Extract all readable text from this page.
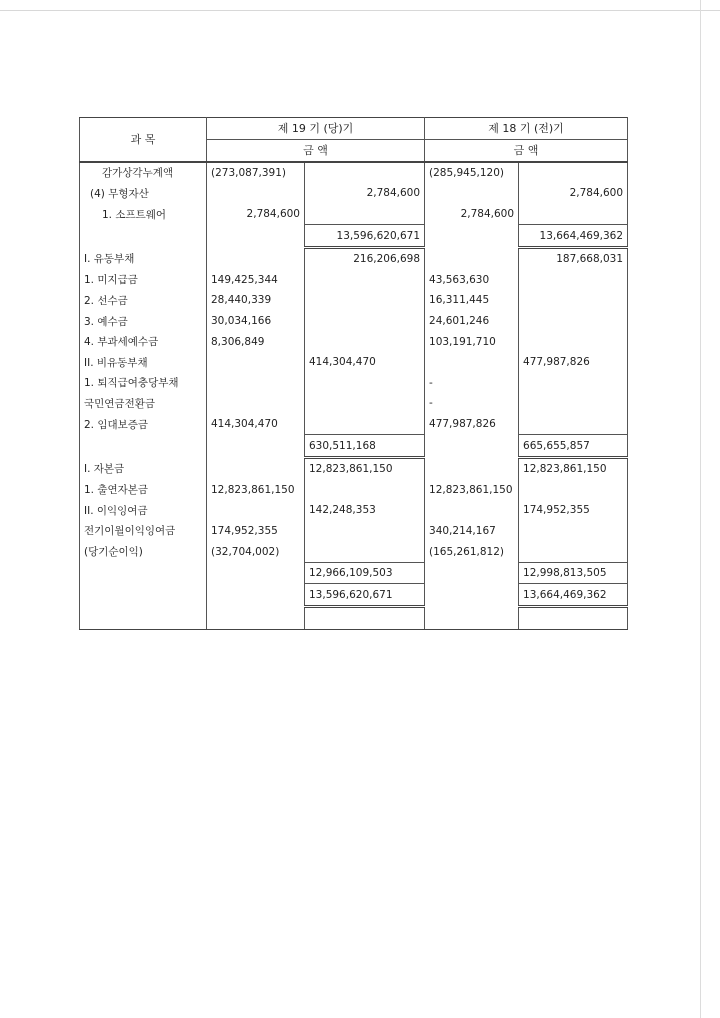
과 목	제 19 기 (당)기		제 18 기 (전)기	
	금 액		금 액	
감가상각누계액	(273,087,391)		(285,945,120)	
(4) 무형자산		2,784,600		2,784,600
1. 소프트웨어	2,784,600		2,784,600	
		13,596,620,671		13,664,469,362
I. 유동부채		216,206,698		187,668,031
1. 미지급금	149,425,344		43,563,630	
2. 선수금	28,440,339		16,311,445	
3. 예수금	30,034,166		24,601,246	
4. 부과세예수금	8,306,849		103,191,710	
II. 비유동부채		414,304,470		477,987,826
1. 퇴직급여충당부채			-	
국민연금전환금			-	
2. 임대보증금	414,304,470		477,987,826	
		630,511,168		665,655,857
I. 자본금		12,823,861,150		12,823,861,150
1. 출연자본금	12,823,861,150		12,823,861,150	
II. 이익잉여금		142,248,353		174,952,355
전기이월이익잉여금	174,952,355		340,214,167	
(당기순이익)	(32,704,002)		(165,261,812)	
		12,966,109,503		12,998,813,505
		13,596,620,671		13,664,469,362
